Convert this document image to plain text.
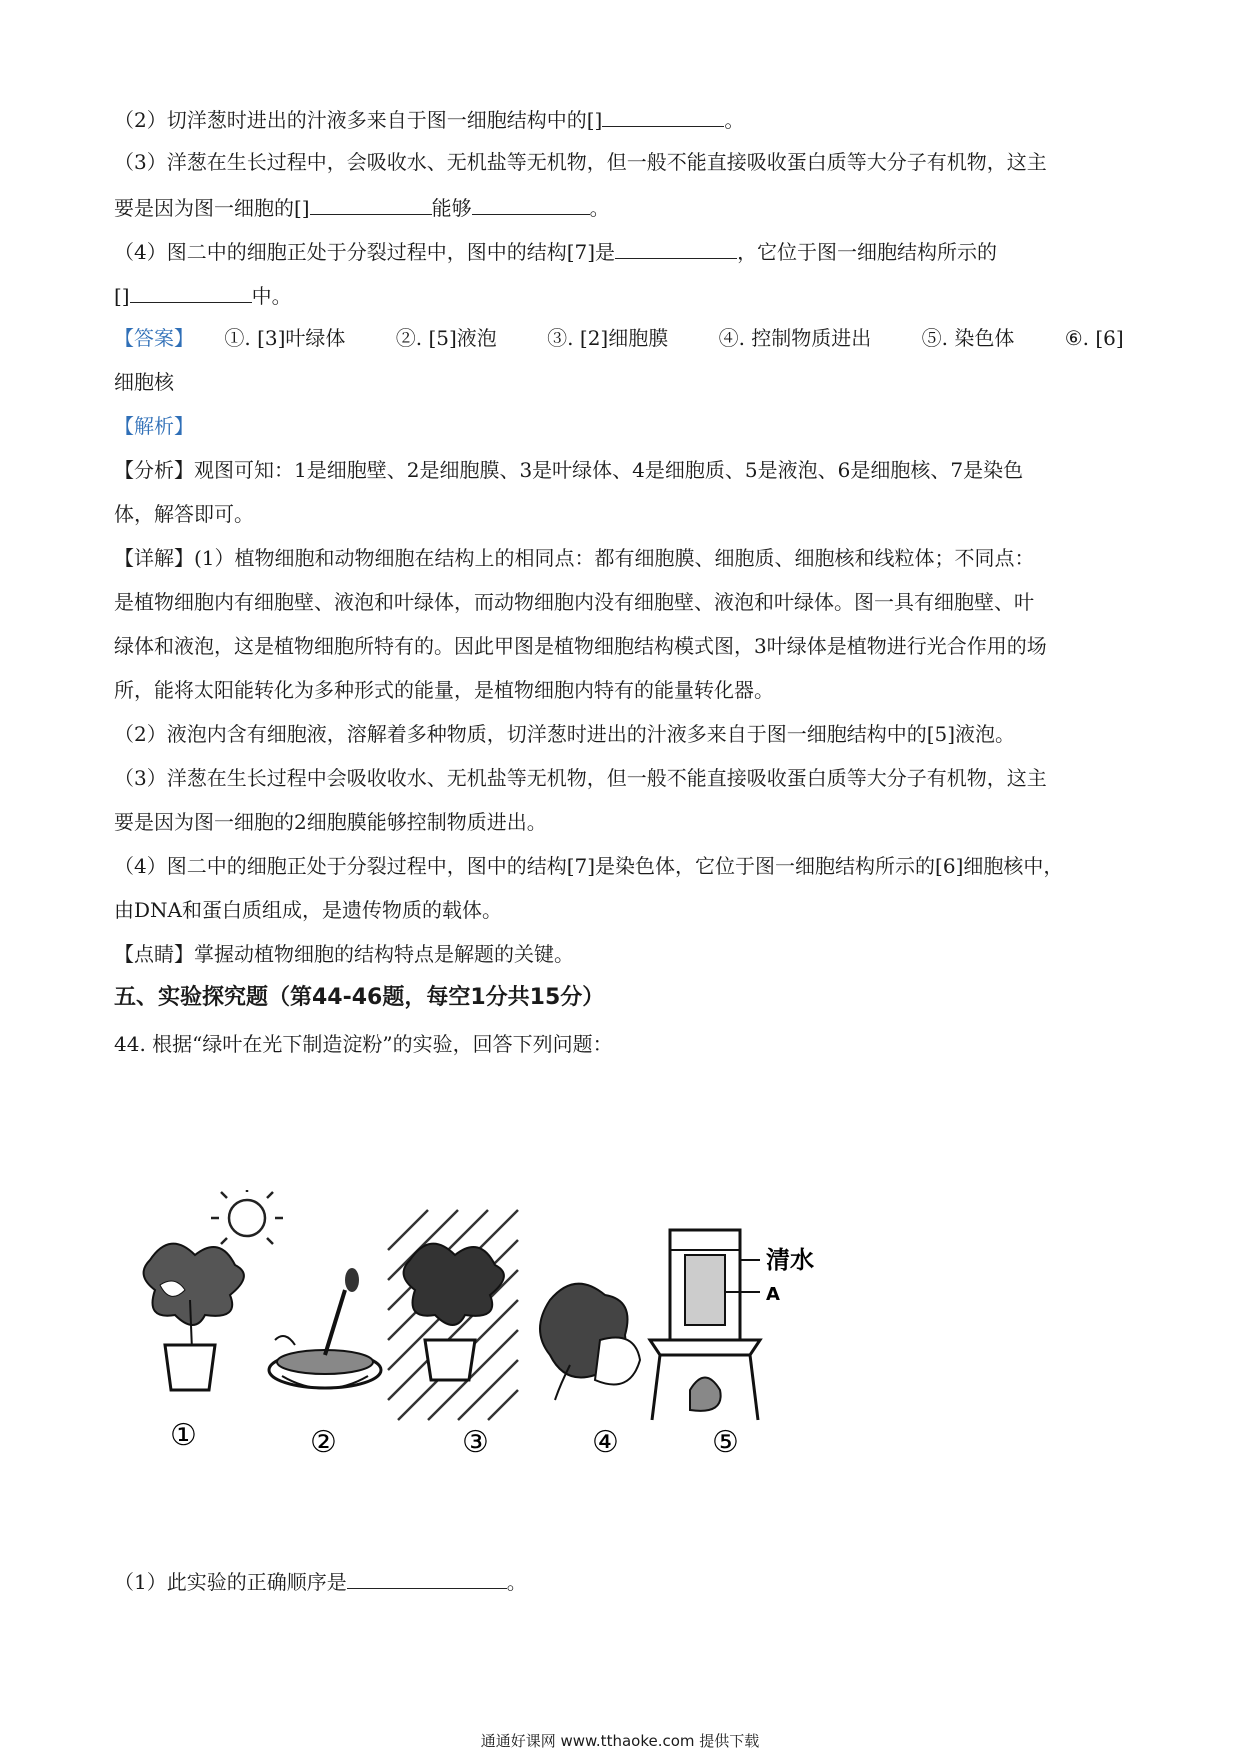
（2）切洋葱时进出的汁液多来自于图一细胞结构中的[]	。
（3）洋葱在生长过程中，会吸收水、无机盐等无机物，但一般不能直接吸收蛋白质等大分子有机物，这主
要是因为图一细胞的[]	能够	。
（4）图二中的细胞正处于分裂过程中，图中的结构[7]是	，它位于图一细胞结构所示的
[]	中。
【答案】 ①. [3]叶绿体	②. [5]液泡	③. [2]细胞膜	④. 控制物质进出	⑤. 染色体	⑥. [6]
细胞核
【解析】
【分析】观图可知：1是细胞壁、2是细胞膜、3是叶绿体、4是细胞质、5是液泡、6是细胞核、7是染色
体，解答即可。
【详解】(1）植物细胞和动物细胞在结构上的相同点：都有细胞膜、细胞质、细胞核和线粒体；不同点：
是植物细胞内有细胞壁、液泡和叶绿体，而动物细胞内没有细胞壁、液泡和叶绿体。图一具有细胞壁、叶
绿体和液泡，这是植物细胞所特有的。因此甲图是植物细胞结构模式图，3叶绿体是植物进行光合作用的场
所，能将太阳能转化为多种形式的能量，是植物细胞内特有的能量转化器。
（2）液泡内含有细胞液，溶解着多种物质，切洋葱时进出的汁液多来自于图一细胞结构中的[5]液泡。
（3）洋葱在生长过程中会吸收收水、无机盐等无机物，但一般不能直接吸收蛋白质等大分子有机物，这主
要是因为图一细胞的2细胞膜能够控制物质进出。
（4）图二中的细胞正处于分裂过程中，图中的结构[7]是染色体，它位于图一细胞结构所示的[6]细胞核中，
由DNA和蛋白质组成，是遗传物质的载体。
【点睛】掌握动植物细胞的结构特点是解题的关键。
五、实验探究题（第44-46题，每空1分共15分）
44. 根据“绿叶在光下制造淀粉”的实验，回答下列问题：
清水
A
①	②	③	④	⑤
（1）此实验的正确顺序是	。
通通好课网 www.tthaoke.com 提供下载
